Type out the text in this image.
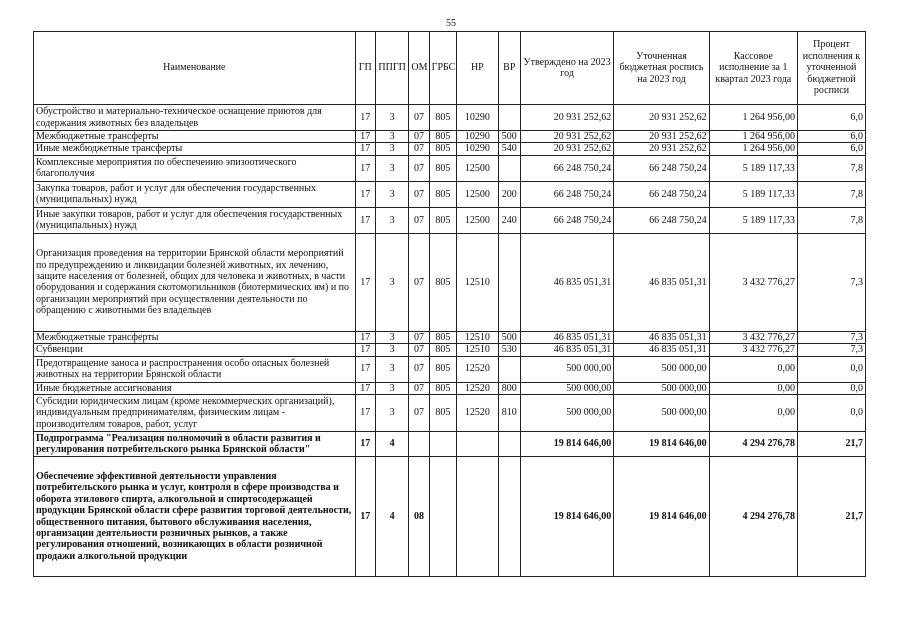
55
Наименование	ГП	ППГП	ОМ	ГРБС	НР	ВР	Утверждено на 2023 год	Уточненная бюджетная роспись на 2023 год	Кассовое исполнение за 1 квартал 2023 года	Процент исполнения к уточненной бюджетной росписи
Обустройство и материально-техническое оснащение приютов для содержания животных без владельцев	17	3	07	805	10290		20 931 252,62	20 931 252,62	1 264 956,00	6,0
Межбюджетные трансферты	17	3	07	805	10290	500	20 931 252,62	20 931 252,62	1 264 956,00	6,0
Иные межбюджетные трансферты	17	3	07	805	10290	540	20 931 252,62	20 931 252,62	1 264 956,00	6,0
Комплексные мероприятия по обеспечению эпизоотического благополучия	17	3	07	805	12500		66 248 750,24	66 248 750,24	5 189 117,33	7,8
Закупка товаров, работ и услуг для обеспечения государственных (муниципальных) нужд	17	3	07	805	12500	200	66 248 750,24	66 248 750,24	5 189 117,33	7,8
Иные закупки товаров, работ и услуг для обеспечения государственных (муниципальных) нужд	17	3	07	805	12500	240	66 248 750,24	66 248 750,24	5 189 117,33	7,8
Организация проведения на территории Брянской области мероприятий по предупреждению и ликвидации болезней животных, их лечению, защите населения от болезней, общих для человека и животных, в части оборудования и содержания скотомогильников (биотермических ям) и по организации мероприятий при осуществлении деятельности по обращению с животными без владельцев	17	3	07	805	12510		46 835 051,31	46 835 051,31	3 432 776,27	7,3
Межбюджетные трансферты	17	3	07	805	12510	500	46 835 051,31	46 835 051,31	3 432 776,27	7,3
Субвенции	17	3	07	805	12510	530	46 835 051,31	46 835 051,31	3 432 776,27	7,3
Предотвращение заноса и распространения особо опасных болезней животных на территории Брянской области	17	3	07	805	12520		500 000,00	500 000,00	0,00	0,0
Иные бюджетные ассигнования	17	3	07	805	12520	800	500 000,00	500 000,00	0,00	0,0
Субсидии юридическим лицам (кроме некоммерческих организаций), индивидуальным предпринимателям, физическим лицам - производителям товаров, работ, услуг	17	3	07	805	12520	810	500 000,00	500 000,00	0,00	0,0
Подпрограмма "Реализация полномочий в области развития и регулирования потребительского рынка Брянской области"	17	4					19 814 646,00	19 814 646,00	4 294 276,78	21,7
Обеспечение эффективной деятельности управления потребительского рынка и услуг, контроля в сфере производства и оборота этилового спирта, алкогольной и спиртосодержащей продукции Брянской области сфере развития торговой деятельности, общественного питания, бытового обслуживания населения, организации деятельности розничных рынков, а также регулирования отношений, возникающих в области розничной продажи алкогольной продукции	17	4	08				19 814 646,00	19 814 646,00	4 294 276,78	21,7
